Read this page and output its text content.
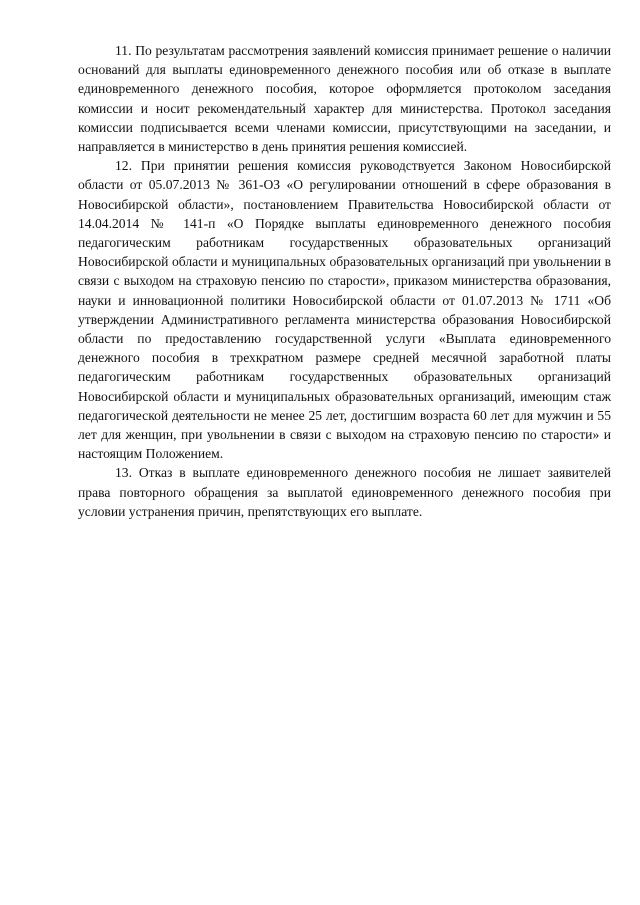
11. По результатам рассмотрения заявлений комиссия принимает решение о наличии оснований для выплаты единовременного денежного пособия или об отказе в выплате единовременного денежного пособия, которое оформляется протоколом заседания комиссии и носит рекомендательный характер для министерства. Протокол заседания комиссии подписывается всеми членами комиссии, присутствующими на заседании, и направляется в министерство в день принятия решения комиссией.

12. При принятии решения комиссия руководствуется Законом Новосибирской области от 05.07.2013 № 361-ОЗ «О регулировании отношений в сфере образования в Новосибирской области», постановлением Правительства Новосибирской области от 14.04.2014 № 141-п «О Порядке выплаты единовременного денежного пособия педагогическим работникам государственных образовательных организаций Новосибирской области и муниципальных образовательных организаций при увольнении в связи с выходом на страховую пенсию по старости», приказом министерства образования, науки и инновационной политики Новосибирской области от 01.07.2013 № 1711 «Об утверждении Административного регламента министерства образования Новосибирской области по предоставлению государственной услуги «Выплата единовременного денежного пособия в трехкратном размере средней месячной заработной платы педагогическим работникам государственных образовательных организаций Новосибирской области и муниципальных образовательных организаций, имеющим стаж педагогической деятельности не менее 25 лет, достигшим возраста 60 лет для мужчин и 55 лет для женщин, при увольнении в связи с выходом на страховую пенсию по старости» и настоящим Положением.

13. Отказ в выплате единовременного денежного пособия не лишает заявителей права повторного обращения за выплатой единовременного денежного пособия при условии устранения причин, препятствующих его выплате.
